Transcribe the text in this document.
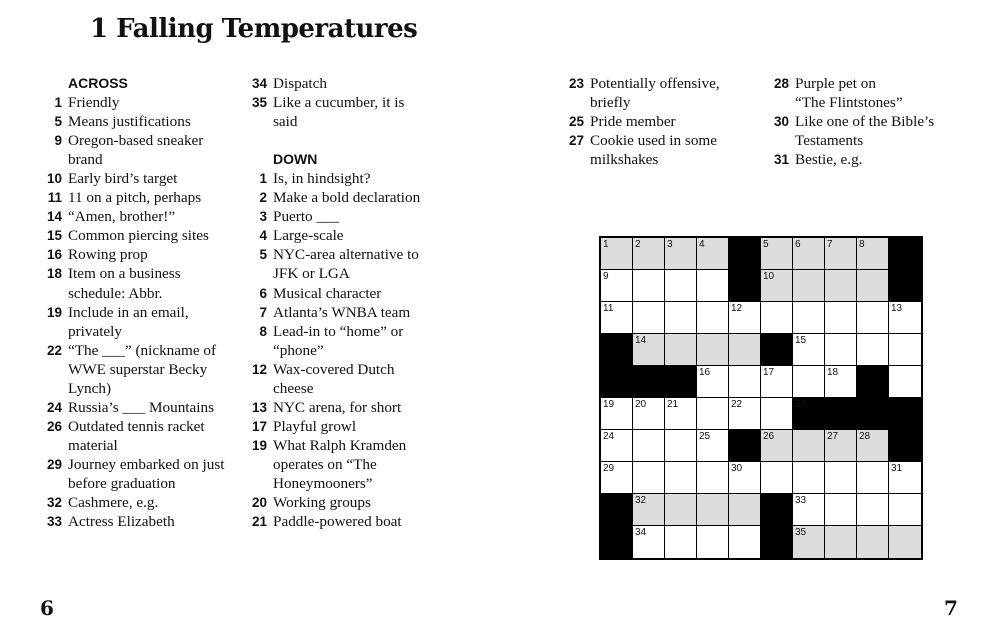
1 Falling Temperatures
ACROSS
1 Friendly
5 Means justifications
9 Oregon-based sneaker
brand
10 Early bird’s target
11 11 on a pitch, perhaps
14 “Amen, brother!”
15 Common piercing sites
16 Rowing prop
18 Item on a business
schedule: Abbr.
19 Include in an email,
privately
22 “The ___” (nickname of
WWE superstar Becky
Lynch)
24 Russia’s ___ Mountains
26 Outdated tennis racket
material
29 Journey embarked on just
before graduation
32 Cashmere, e.g.
33 Actress Elizabeth
34 Dispatch
35 Like a cucumber, it is
said
DOWN
1 Is, in hindsight?
2 Make a bold declaration
3 Puerto ___
4 Large-scale
5 NYC-area alternative to
JFK or LGA
6 Musical character
7 Atlanta’s WNBA team
8 Lead-in to “home” or
“phone”
12 Wax-covered Dutch
cheese
13 NYC arena, for short
17 Playful growl
19 What Ralph Kramden
operates on “The
Honeymooners”
20 Working groups
21 Paddle-powered boat
23 Potentially offensive,
briefly
25 Pride member
27 Cookie used in some
milkshakes
28 Purple pet on
“The Flintstones”
30 Like one of the Bible’s
Testaments
31 Bestie, e.g.
1	2	3	4	5	6	7	8
9	10
11	12	13
14	15
16	17	18
19 20 21	22	23
24	25	26	27 28
29	30	31
32	33
34	35
6	7
